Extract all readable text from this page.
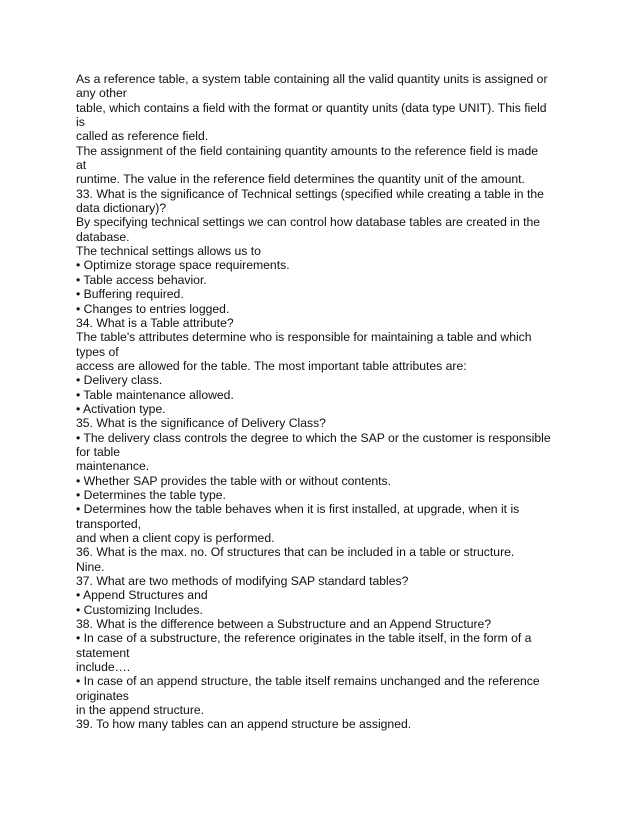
As a reference table, a system table containing all the valid quantity units is assigned or
any other
table, which contains a field with the format or quantity units (data type UNIT). This field
is
called as reference field.
The assignment of the field containing quantity amounts to the reference field is made
at
runtime. The value in the reference field determines the quantity unit of the amount.
33. What is the significance of Technical settings (specified while creating a table in the
data dictionary)?
By specifying technical settings we can control how database tables are created in the
database.
The technical settings allows us to
• Optimize storage space requirements.
• Table access behavior.
• Buffering required.
• Changes to entries logged.
34. What is a Table attribute?
The table's attributes determine who is responsible for maintaining a table and which
types of
access are allowed for the table. The most important table attributes are:
• Delivery class.
• Table maintenance allowed.
• Activation type.
35. What is the significance of Delivery Class?
• The delivery class controls the degree to which the SAP or the customer is responsible
for table
maintenance.
• Whether SAP provides the table with or without contents.
• Determines the table type.
• Determines how the table behaves when it is first installed, at upgrade, when it is
transported,
and when a client copy is performed.
36. What is the max. no. Of structures that can be included in a table or structure.
Nine.
37. What are two methods of modifying SAP standard tables?
• Append Structures and
• Customizing Includes.
38. What is the difference between a Substructure and an Append Structure?
• In case of a substructure, the reference originates in the table itself, in the form of a
statement
include….
• In case of an append structure, the table itself remains unchanged and the reference
originates
in the append structure.
39. To how many tables can an append structure be assigned.
